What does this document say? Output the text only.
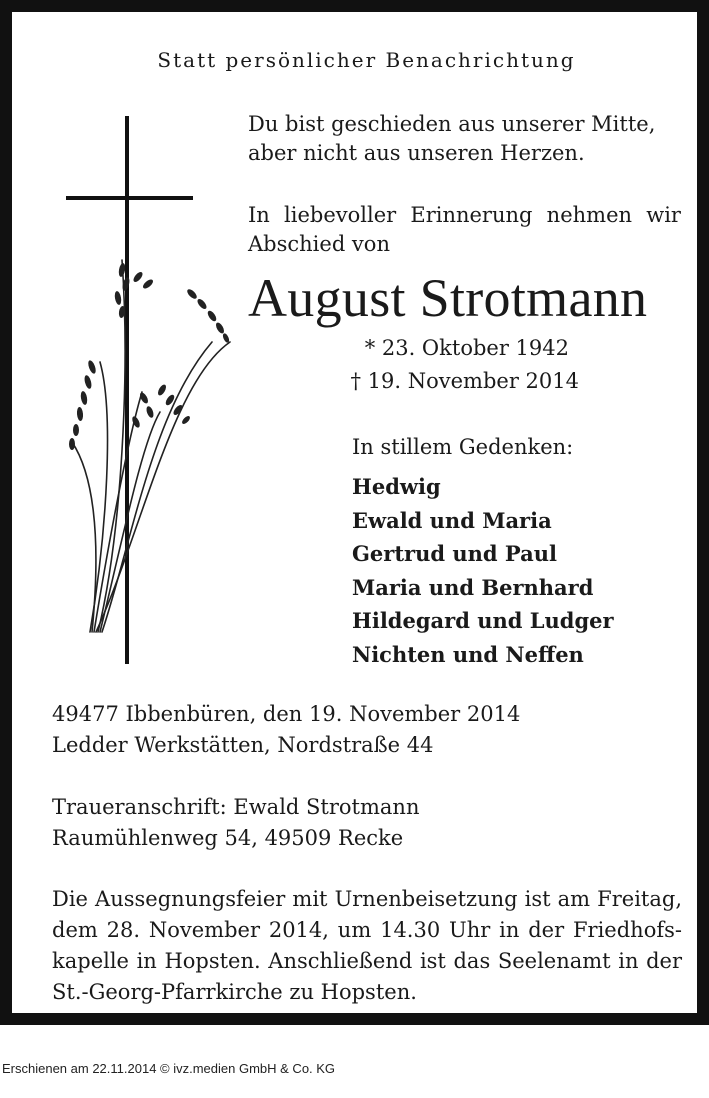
Statt persönlicher Benachrichtung
Du bist geschieden aus unserer Mitte,
aber nicht aus unseren Herzen.
In liebevoller Erinnerung nehmen wir
Abschied von
August Strotmann
* 23. Oktober 1942
† 19. November 2014
In stillem Gedenken:
Hedwig
Ewald und Maria
Gertrud und Paul
Maria und Bernhard
Hildegard und Ludger
Nichten und Neffen
49477 Ibbenbüren, den 19. November 2014
Ledder Werkstätten, Nordstraße 44
Traueranschrift: Ewald Strotmann
Raumühlenweg 54, 49509 Recke
Die Aussegnungsfeier mit Urnenbeisetzung ist am Freitag, dem 28. November 2014, um 14.30 Uhr in der Friedhofs- kapelle in Hopsten. Anschließend ist das Seelenamt in der St.-Georg-Pfarrkirche zu Hopsten.
Erschienen am 22.11.2014 © ivz.medien GmbH & Co. KG
